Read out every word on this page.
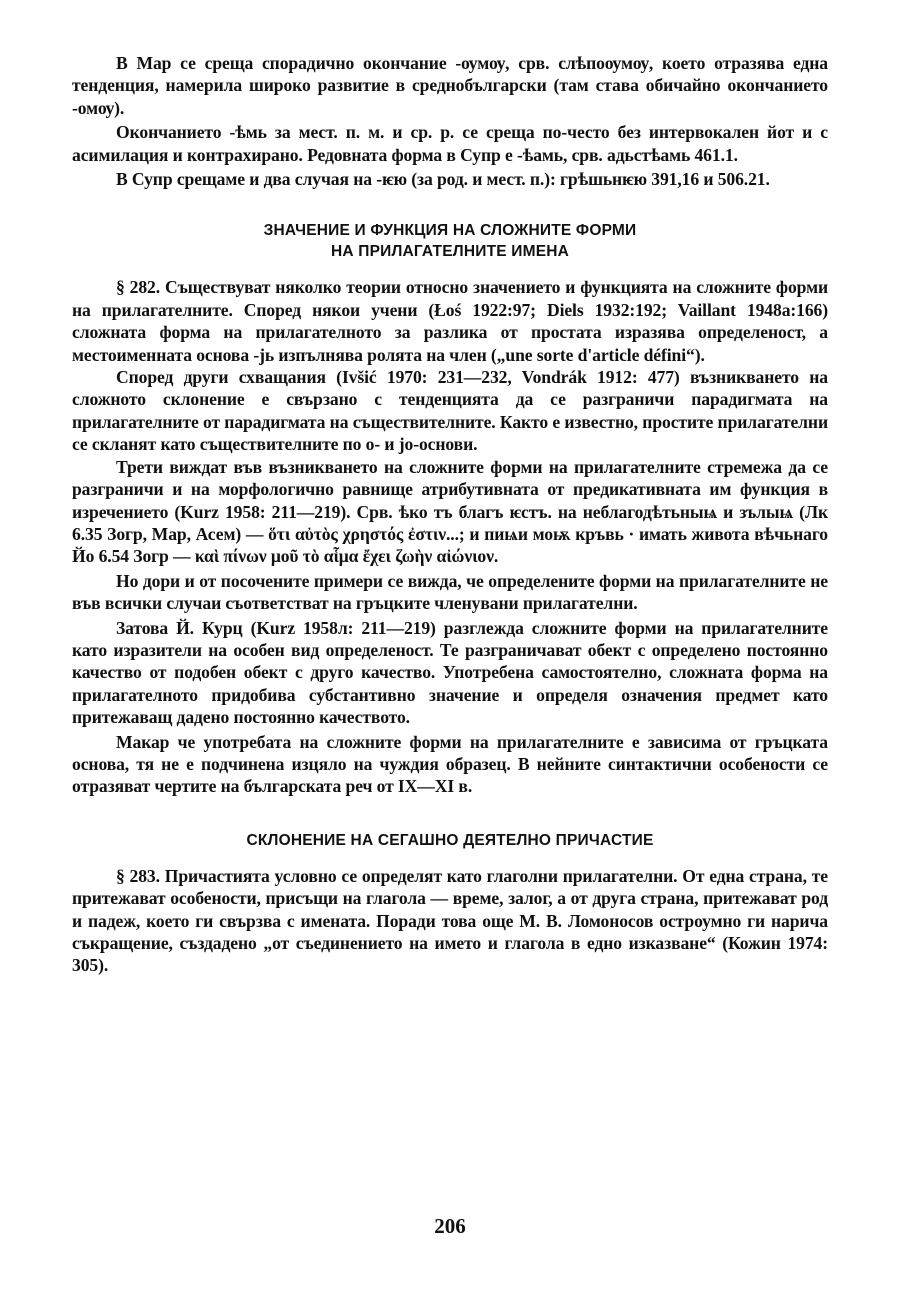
В Мар се среща спорадично окончание -ѹмѹ, срв. слѣпоѹмѹ, което отразява една тенденция, намерила широко развитие в среднобългарски (там става обичайно окончанието -омѹ).

Окончанието -ѣмь за мест. п. м. и ср. р. се среща по-често без интервокален йот и с асимилация и контрахирано. Редовната форма в Супр е -ѣамь, срв. адьстѣамь 461.1.

В Супр срещаме и два случая на -ѥю (за род. и мест. п.): грѣшьнѥю 391,16 и 506.21.

ЗНАЧЕНИЕ И ФУНКЦИЯ НА СЛОЖНИТЕ ФОРМИ
НА ПРИЛАГАТЕЛНИТЕ ИМЕНА

§ 282. Съществуват няколко теории относно значението и функцията на сложните форми на прилагателните. Според някои учени (Łoś 1922:97; Diels 1932:192; Vaillant 1948a:166) сложната форма на прилагателното за разлика от простата изразява определеност, а местоименната основа -jь изпълнява ролята на член („une sorte d'article défini“).

Според други схващания (Ivšić 1970: 231—232, Vondrák 1912: 477) възникването на сложното склонение е свързано с тенденцията да се разграничи парадигмата на прилагателните от парадигмата на съществителните. Както е известно, простите прилагателни се скланят като съществителните по о- и jо-основи.

Трети виждат във възникването на сложните форми на прилагателните стремежа да се разграничи и на морфологично равнище атрибутивната от предикативната им функция в изречението (Kurz 1958: 211—219). Срв. ѣко тъ благъ ѥстъ. на неблагодѣтьныѩ и зълыѩ (Лк 6.35 Зогр, Мар, Асем) — ὅτι αὐτὸς χρηστός ἐστιν...; и пиѩи моѭ кръвь · имать живота вѣчьнаго Йо 6.54 Зогр — καὶ πίνων μοῦ τὸ αἷμα ἔχει ζωὴν αἰώνιον.

Но дори и от посочените примери се вижда, че определените форми на прилагателните не във всички случаи съответстват на гръцките членувани прилагателни.

Затова Й. Курц (Kurz 1958л: 211—219) разглежда сложните форми на прилагателните като изразители на особен вид определеност. Те разграничават обект с определено постоянно качество от подобен обект с друго качество. Употребена самостоятелно, сложната форма на прилагателното придобива субстантивно значение и определя означения предмет като притежаващ дадено постоянно качеството.

Макар че употребата на сложните форми на прилагателните е зависима от гръцката основа, тя не е подчинена изцяло на чуждия образец. В нейните синтактични особености се отразяват чертите на българската реч от IX—XI в.

СКЛОНЕНИЕ НА СЕГАШНО ДЕЯТЕЛНО ПРИЧАСТИЕ

§ 283. Причастията условно се определят като глаголни прилагателни. От една страна, те притежават особености, присъщи на глагола — време, залог, а от друга страна, притежават род и падеж, което ги свързва с имената. Поради това още М. В. Ломоносов остроумно ги нарича съкращение, създадено „от съединението на името и глагола в едно изказване“ (Кожин 1974: 305).

206
